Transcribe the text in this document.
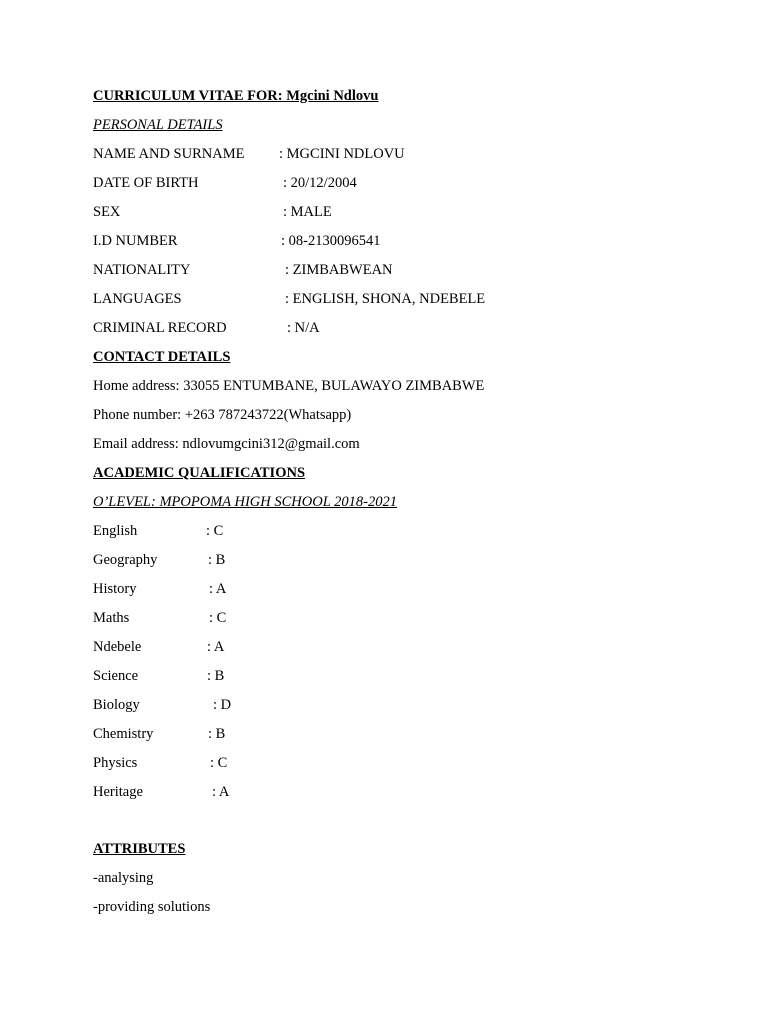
CURRICULUM VITAE FOR: Mgcini Ndlovu
PERSONAL DETAILS
NAME AND SURNAME : MGCINI NDLOVU
DATE OF BIRTH	: 20/12/2004
SEX	: MALE
I.D NUMBER	: 08-2130096541
NATIONALITY	: ZIMBABWEAN
LANGUAGES	: ENGLISH, SHONA, NDEBELE
CRIMINAL RECORD	: N/A
CONTACT DETAILS
Home address: 33055 ENTUMBANE, BULAWAYO ZIMBABWE
Phone number: +263 787243722(Whatsapp)
Email address: ndlovumgcini312@gmail.com
ACADEMIC QUALIFICATIONS
O’LEVEL: MPOPOMA HIGH SCHOOL 2018-2021
English	: C
Geography	: B
History	: A
Maths	: C
Ndebele	: A
Science	: B
Biology	: D
Chemistry	: B
Physics	: C
Heritage	: A
ATTRIBUTES
-analysing
-providing solutions
